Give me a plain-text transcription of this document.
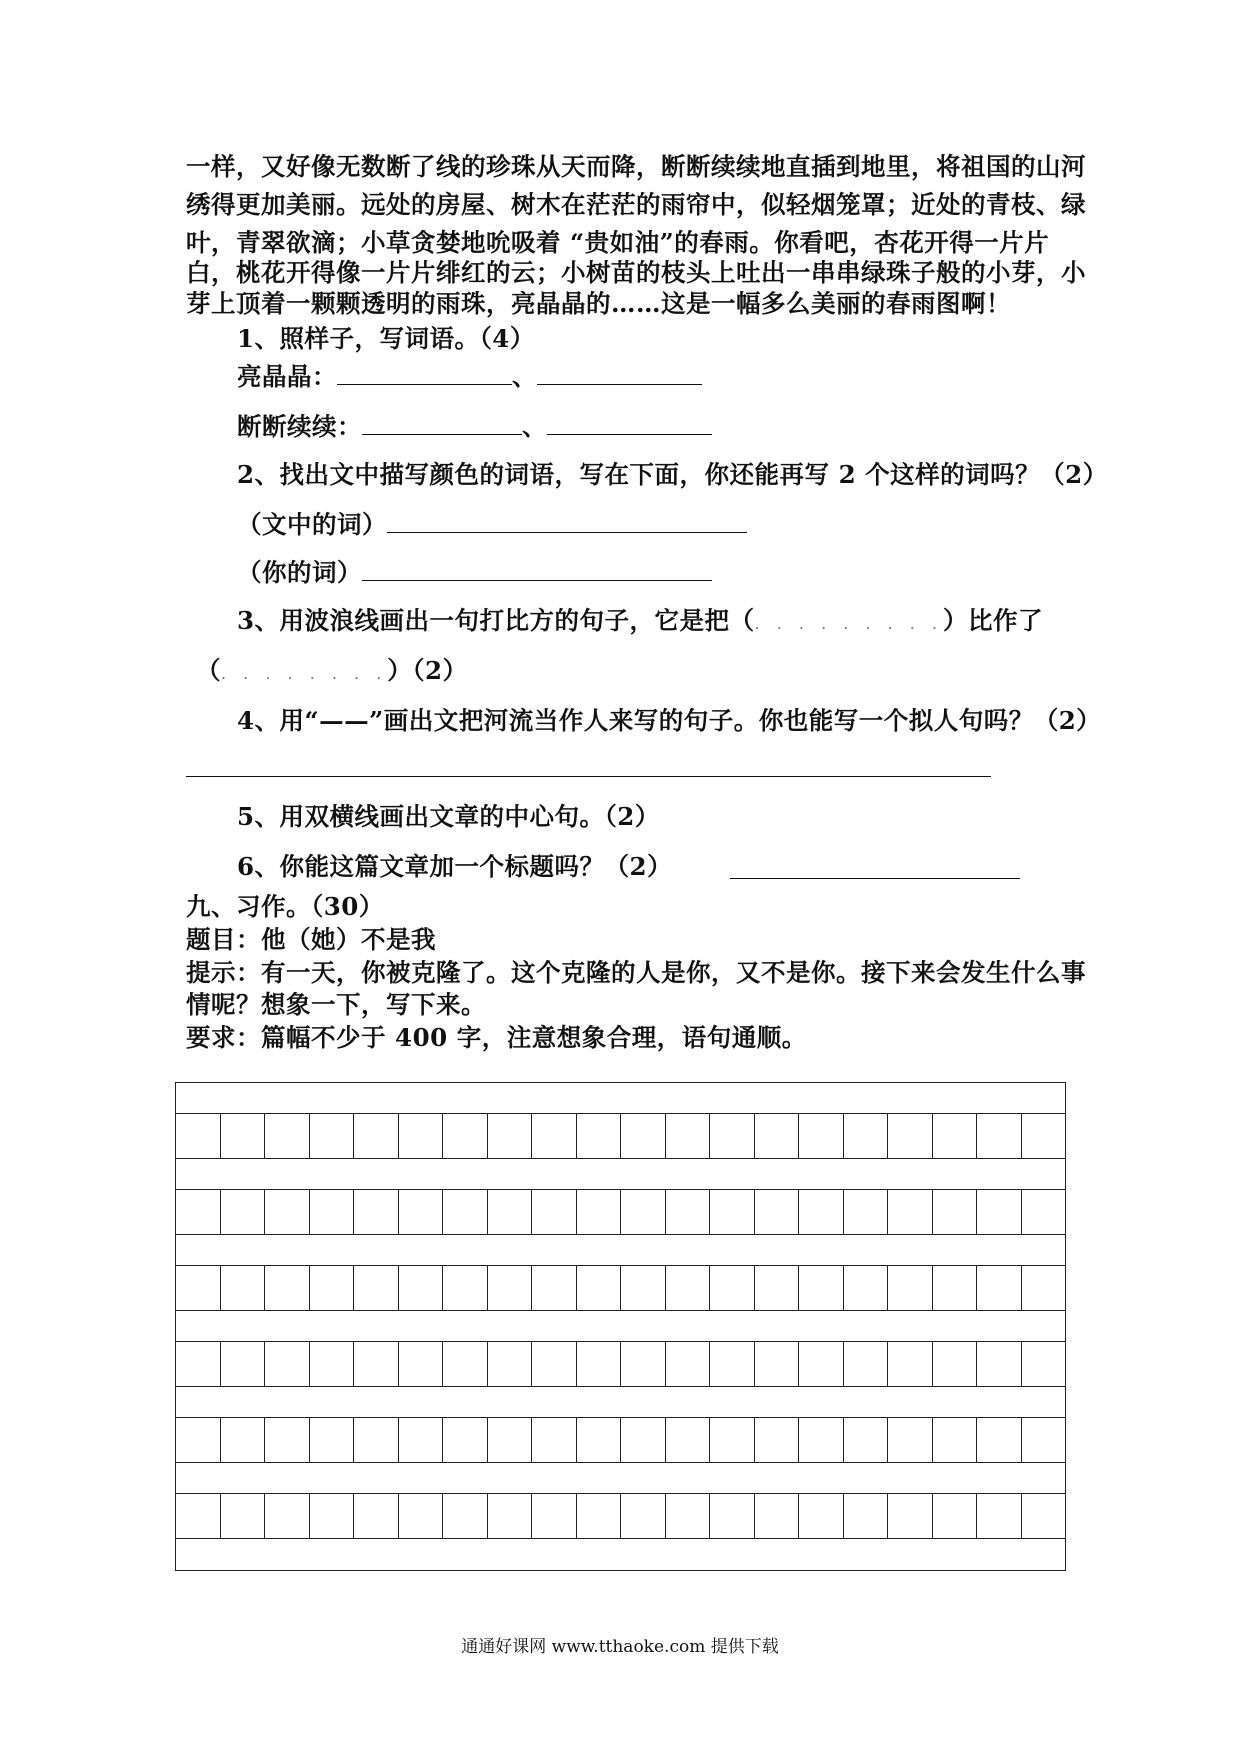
一样，又好像无数断了线的珍珠从天而降，断断续续地直插到地里，将祖国的山河
绣得更加美丽。远处的房屋、树木在茫茫的雨帘中，似轻烟笼罩；近处的青枝、绿
叶，青翠欲滴；小草贪婪地吮吸着 “贵如油”的春雨。你看吧，杏花开得一片片
白，桃花开得像一片片绯红的云；小树苗的枝头上吐出一串串绿珠子般的小芽，小
芽上顶着一颗颗透明的雨珠，亮晶晶的……这是一幅多么美丽的春雨图啊！
1、照样子，写词语。（4）
亮晶晶：	、
断断续续：	、
2、找出文中描写颜色的词语，写在下面，你还能再写 2 个这样的词吗？（2）
（文中的词）
（你的词）
3、用波浪线画出一句打比方的句子，它是把（. . . . . . . . .）比作了
（. . . . . . . .）（2）
4、用“——”画出文把河流当作人来写的句子。你也能写一个拟人句吗？（2）
5、用双横线画出文章的中心句。（2）
6、你能这篇文章加一个标题吗？（2）
九、习作。（30）
题目：他（她）不是我
提示：有一天，你被克隆了。这个克隆的人是你，又不是你。接下来会发生什么事
情呢？想象一下，写下来。
要求：篇幅不少于 400 字，注意想象合理，语句通顺。
通通好课网 www.tthaoke.com 提供下载
